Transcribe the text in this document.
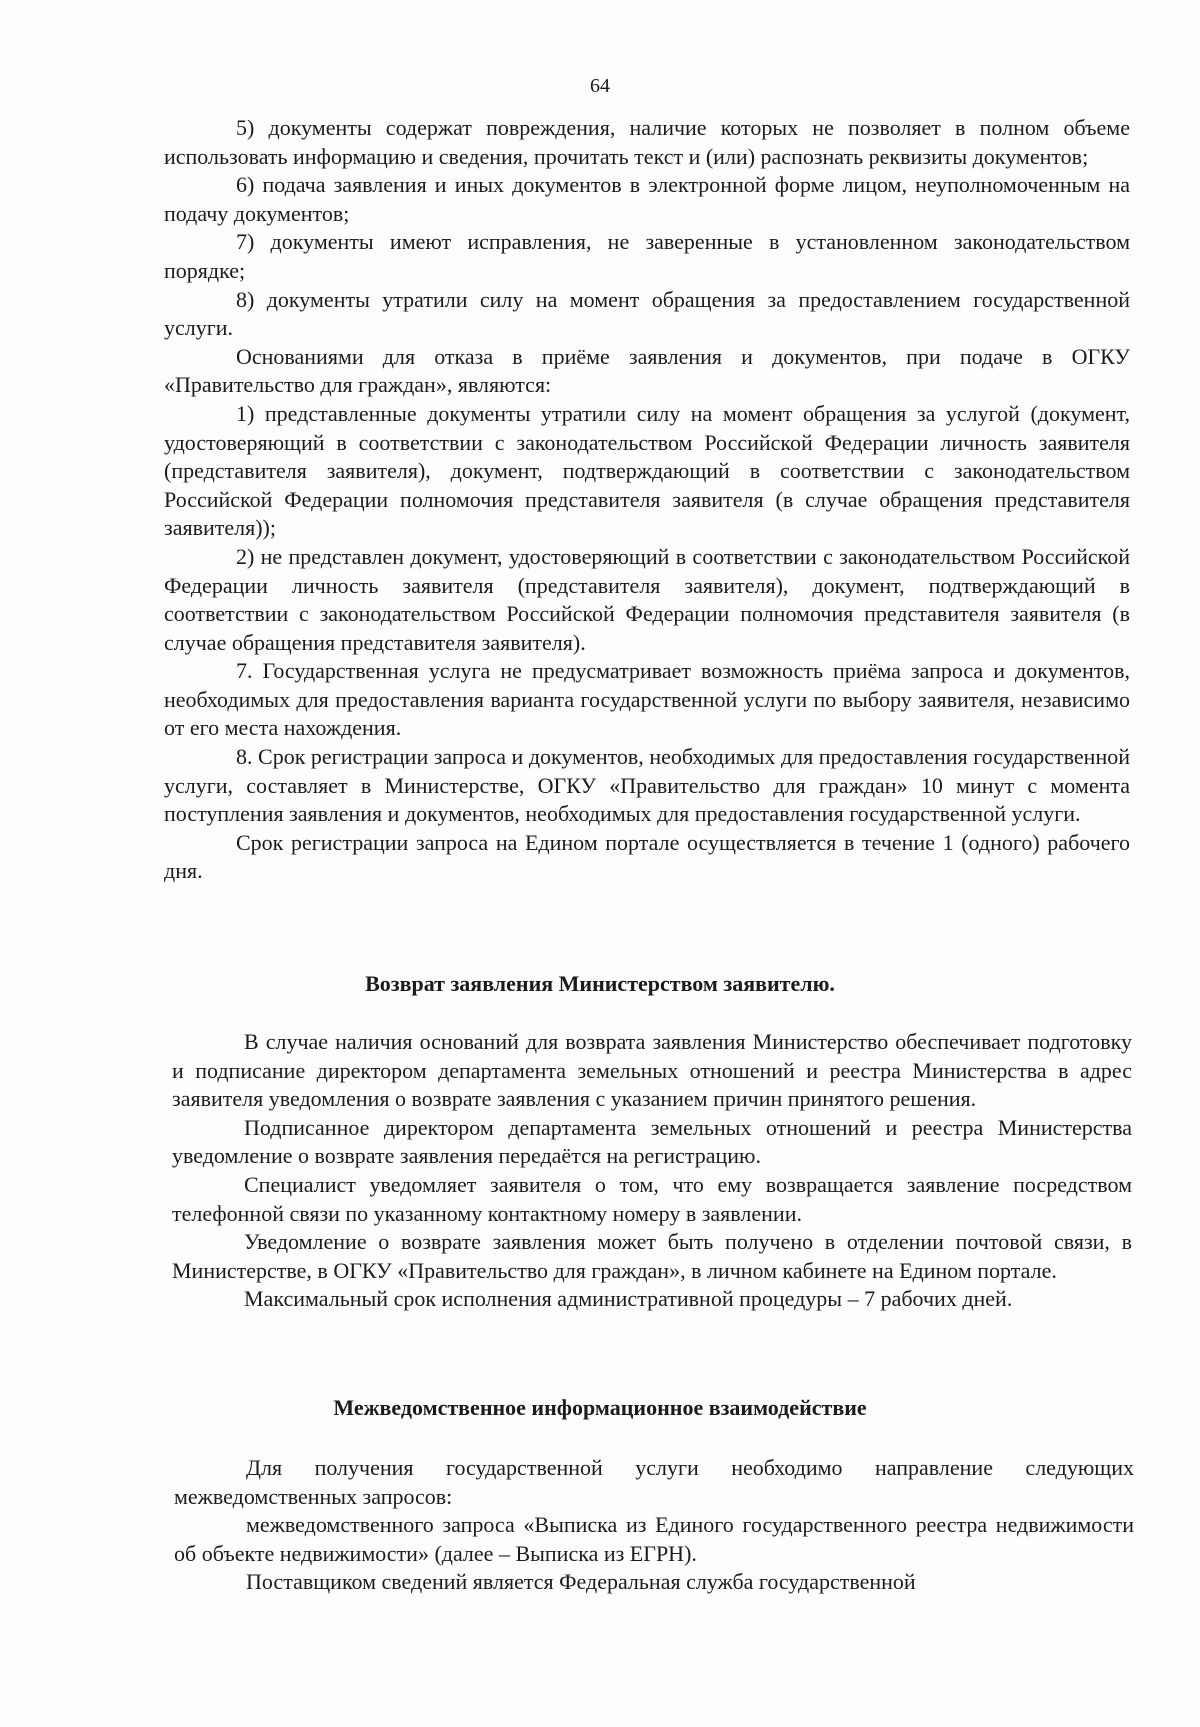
64

5) документы содержат повреждения, наличие которых не позволяет в полном объеме использовать информацию и сведения, прочитать текст и (или) распознать реквизиты документов;

6) подача заявления и иных документов в электронной форме лицом, неуполномоченным на подачу документов;

7) документы имеют исправления, не заверенные в установленном законодательством порядке;

8) документы утратили силу на момент обращения за предоставлением государственной услуги.

Основаниями для отказа в приёме заявления и документов, при подаче в ОГКУ «Правительство для граждан», являются:

1) представленные документы утратили силу на момент обращения за услугой (документ, удостоверяющий в соответствии с законодательством Российской Федерации личность заявителя (представителя заявителя), документ, подтверждающий в соответствии с законодательством Российской Федерации полномочия представителя заявителя (в случае обращения представителя заявителя));

2) не представлен документ, удостоверяющий в соответствии с законодательством Российской Федерации личность заявителя (представителя заявителя), документ, подтверждающий в соответствии с законодательством Российской Федерации полномочия представителя заявителя (в случае обращения представителя заявителя).

7. Государственная услуга не предусматривает возможность приёма запроса и документов, необходимых для предоставления варианта государственной услуги по выбору заявителя, независимо от его места нахождения.

8. Срок регистрации запроса и документов, необходимых для предоставления государственной услуги, составляет в Министерстве, ОГКУ «Правительство для граждан» 10 минут с момента поступления заявления и документов, необходимых для предоставления государственной услуги.

Срок регистрации запроса на Едином портале осуществляется в течение 1 (одного) рабочего дня.

Возврат заявления Министерством заявителю.

В случае наличия оснований для возврата заявления Министерство обеспечивает подготовку и подписание директором департамента земельных отношений и реестра Министерства в адрес заявителя уведомления о возврате заявления с указанием причин принятого решения.

Подписанное директором департамента земельных отношений и реестра Министерства уведомление о возврате заявления передаётся на регистрацию.

Специалист уведомляет заявителя о том, что ему возвращается заявление посредством телефонной связи по указанному контактному номеру в заявлении.

Уведомление о возврате заявления может быть получено в отделении почтовой связи, в Министерстве, в ОГКУ «Правительство для граждан», в личном кабинете на Едином портале.

Максимальный срок исполнения административной процедуры – 7 рабочих дней.

Межведомственное информационное взаимодействие

Для получения государственной услуги необходимо направление следующих межведомственных запросов:

межведомственного запроса «Выписка из Единого государственного реестра недвижимости об объекте недвижимости» (далее – Выписка из ЕГРН).

Поставщиком сведений является Федеральная служба государственной
